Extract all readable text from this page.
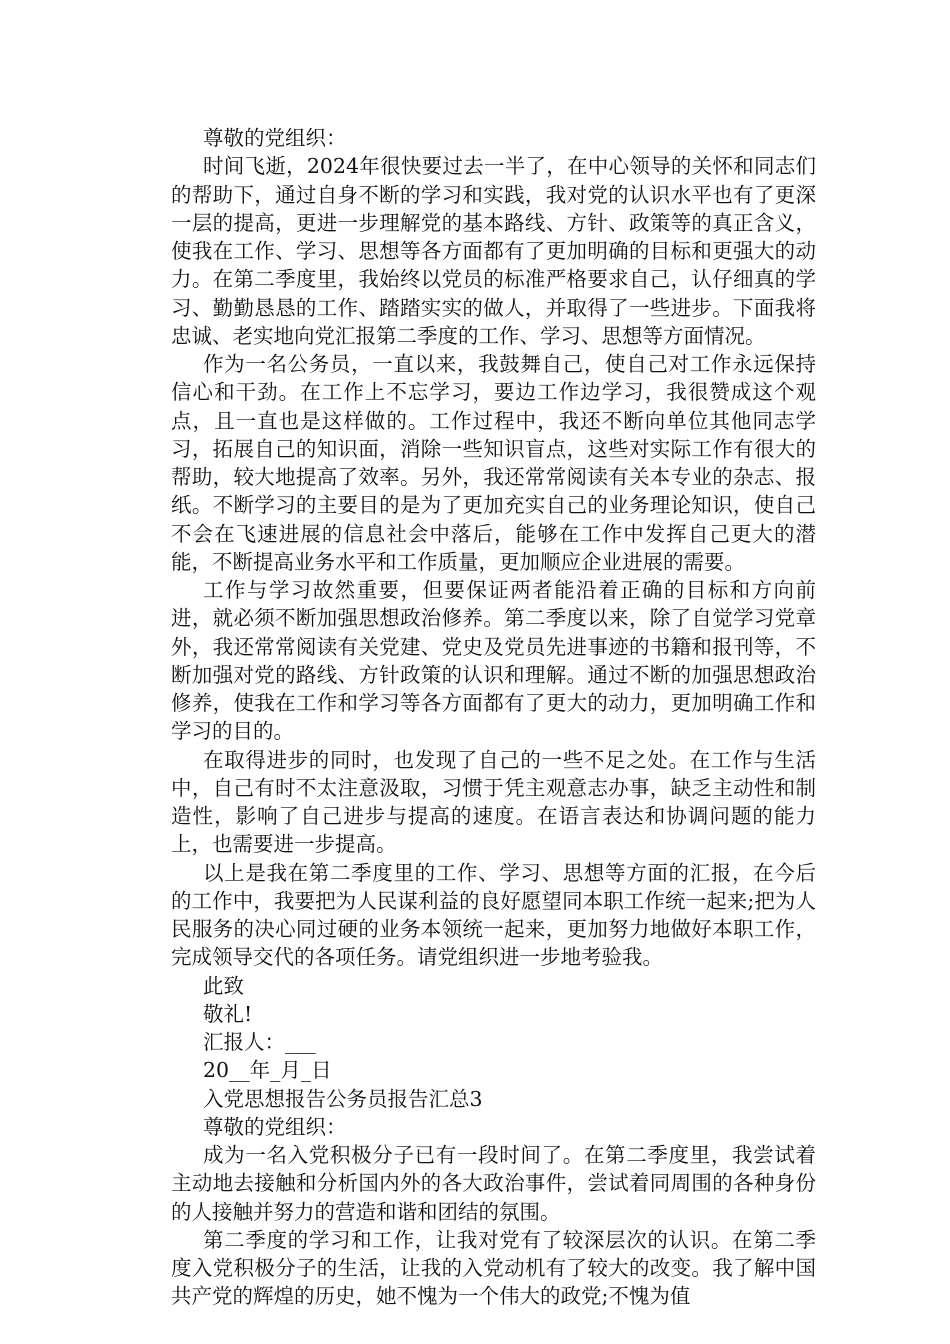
尊敬的党组织：

时间飞逝，2024年很快要过去一半了，在中心领导的关怀和同志们的帮助下，通过自身不断的学习和实践，我对党的认识水平也有了更深一层的提高，更进一步理解党的基本路线、方针、政策等的真正含义，使我在工作、学习、思想等各方面都有了更加明确的目标和更强大的动力。在第二季度里，我始终以党员的标准严格要求自己，认仔细真的学习、勤勤恳恳的工作、踏踏实实的做人，并取得了一些进步。下面我将忠诚、老实地向党汇报第二季度的工作、学习、思想等方面情况。

作为一名公务员，一直以来，我鼓舞自己，使自己对工作永远保持信心和干劲。在工作上不忘学习，要边工作边学习，我很赞成这个观点，且一直也是这样做的。工作过程中，我还不断向单位其他同志学习，拓展自己的知识面，消除一些知识盲点，这些对实际工作有很大的帮助，较大地提高了效率。另外，我还常常阅读有关本专业的杂志、报纸。不断学习的主要目的是为了更加充实自己的业务理论知识，使自己不会在飞速进展的信息社会中落后，能够在工作中发挥自己更大的潜能，不断提高业务水平和工作质量，更加顺应企业进展的需要。

工作与学习故然重要，但要保证两者能沿着正确的目标和方向前进，就必须不断加强思想政治修养。第二季度以来，除了自觉学习党章外，我还常常阅读有关党建、党史及党员先进事迹的书籍和报刊等，不断加强对党的路线、方针政策的认识和理解。通过不断的加强思想政治修养，使我在工作和学习等各方面都有了更大的动力，更加明确工作和学习的目的。

在取得进步的同时，也发现了自己的一些不足之处。在工作与生活中，自己有时不太注意汲取，习惯于凭主观意志办事，缺乏主动性和制造性，影响了自己进步与提高的速度。在语言表达和协调问题的能力上，也需要进一步提高。

以上是我在第二季度里的工作、学习、思想等方面的汇报，在今后的工作中，我要把为人民谋利益的良好愿望同本职工作统一起来;把为人民服务的决心同过硬的业务本领统一起来，更加努力地做好本职工作，完成领导交代的各项任务。请党组织进一步地考验我。

此致

敬礼!

汇报人：___

20__年_月_日

入党思想报告公务员报告汇总3

尊敬的党组织：

成为一名入党积极分子已有一段时间了。在第二季度里，我尝试着主动地去接触和分析国内外的各大政治事件，尝试着同周围的各种身份的人接触并努力的营造和谐和团结的氛围。

第二季度的学习和工作，让我对党有了较深层次的认识。在第二季度入党积极分子的生活，让我的入党动机有了较大的改变。我了解中国共产党的辉煌的历史，她不愧为一个伟大的政党;不愧为值
